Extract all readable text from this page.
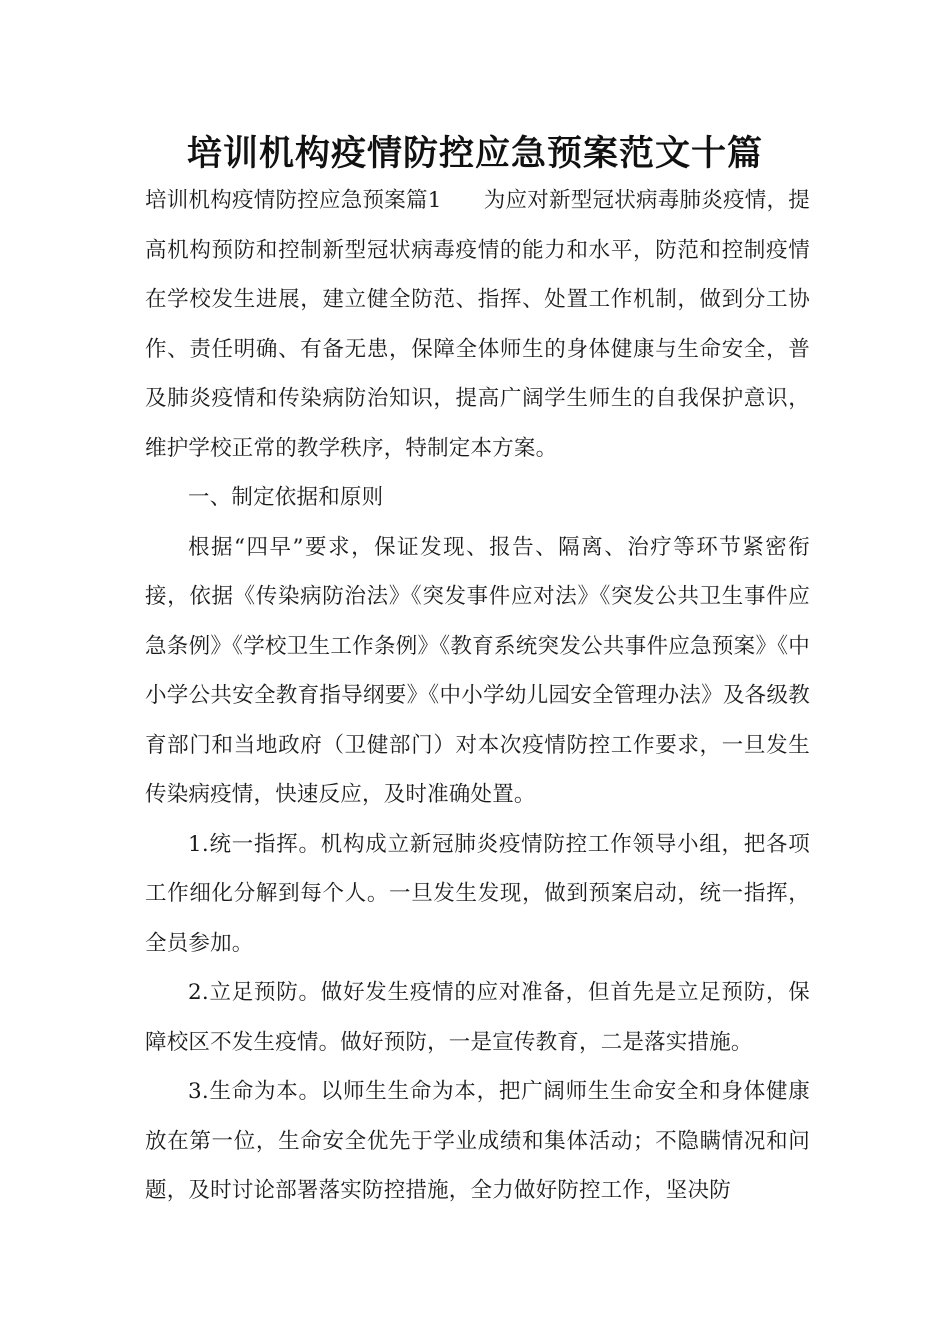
培训机构疫情防控应急预案范文十篇

培训机构疫情防控应急预案篇1 为应对新型冠状病毒肺炎疫情，提高机构预防和控制新型冠状病毒疫情的能力和水平，防范和控制疫情在学校发生进展，建立健全防范、指挥、处置工作机制，做到分工协作、责任明确、有备无患，保障全体师生的身体健康与生命安全，普及肺炎疫情和传染病防治知识，提高广阔学生师生的自我保护意识，维护学校正常的教学秩序，特制定本方案。

一、制定依据和原则

根据“四早”要求，保证发现、报告、隔离、治疗等环节紧密衔接，依据《传染病防治法》《突发事件应对法》《突发公共卫生事件应急条例》《学校卫生工作条例》《教育系统突发公共事件应急预案》《中小学公共安全教育指导纲要》《中小学幼儿园安全管理办法》及各级教育部门和当地政府（卫健部门）对本次疫情防控工作要求，一旦发生传染病疫情，快速反应，及时准确处置。

1.统一指挥。机构成立新冠肺炎疫情防控工作领导小组，把各项工作细化分解到每个人。一旦发生发现，做到预案启动，统一指挥，全员参加。

2.立足预防。做好发生疫情的应对准备，但首先是立足预防，保障校区不发生疫情。做好预防，一是宣传教育，二是落实措施。

3.生命为本。以师生生命为本，把广阔师生生命安全和身体健康放在第一位，生命安全优先于学业成绩和集体活动；不隐瞒情况和问题，及时讨论部署落实防控措施，全力做好防控工作，坚决防
